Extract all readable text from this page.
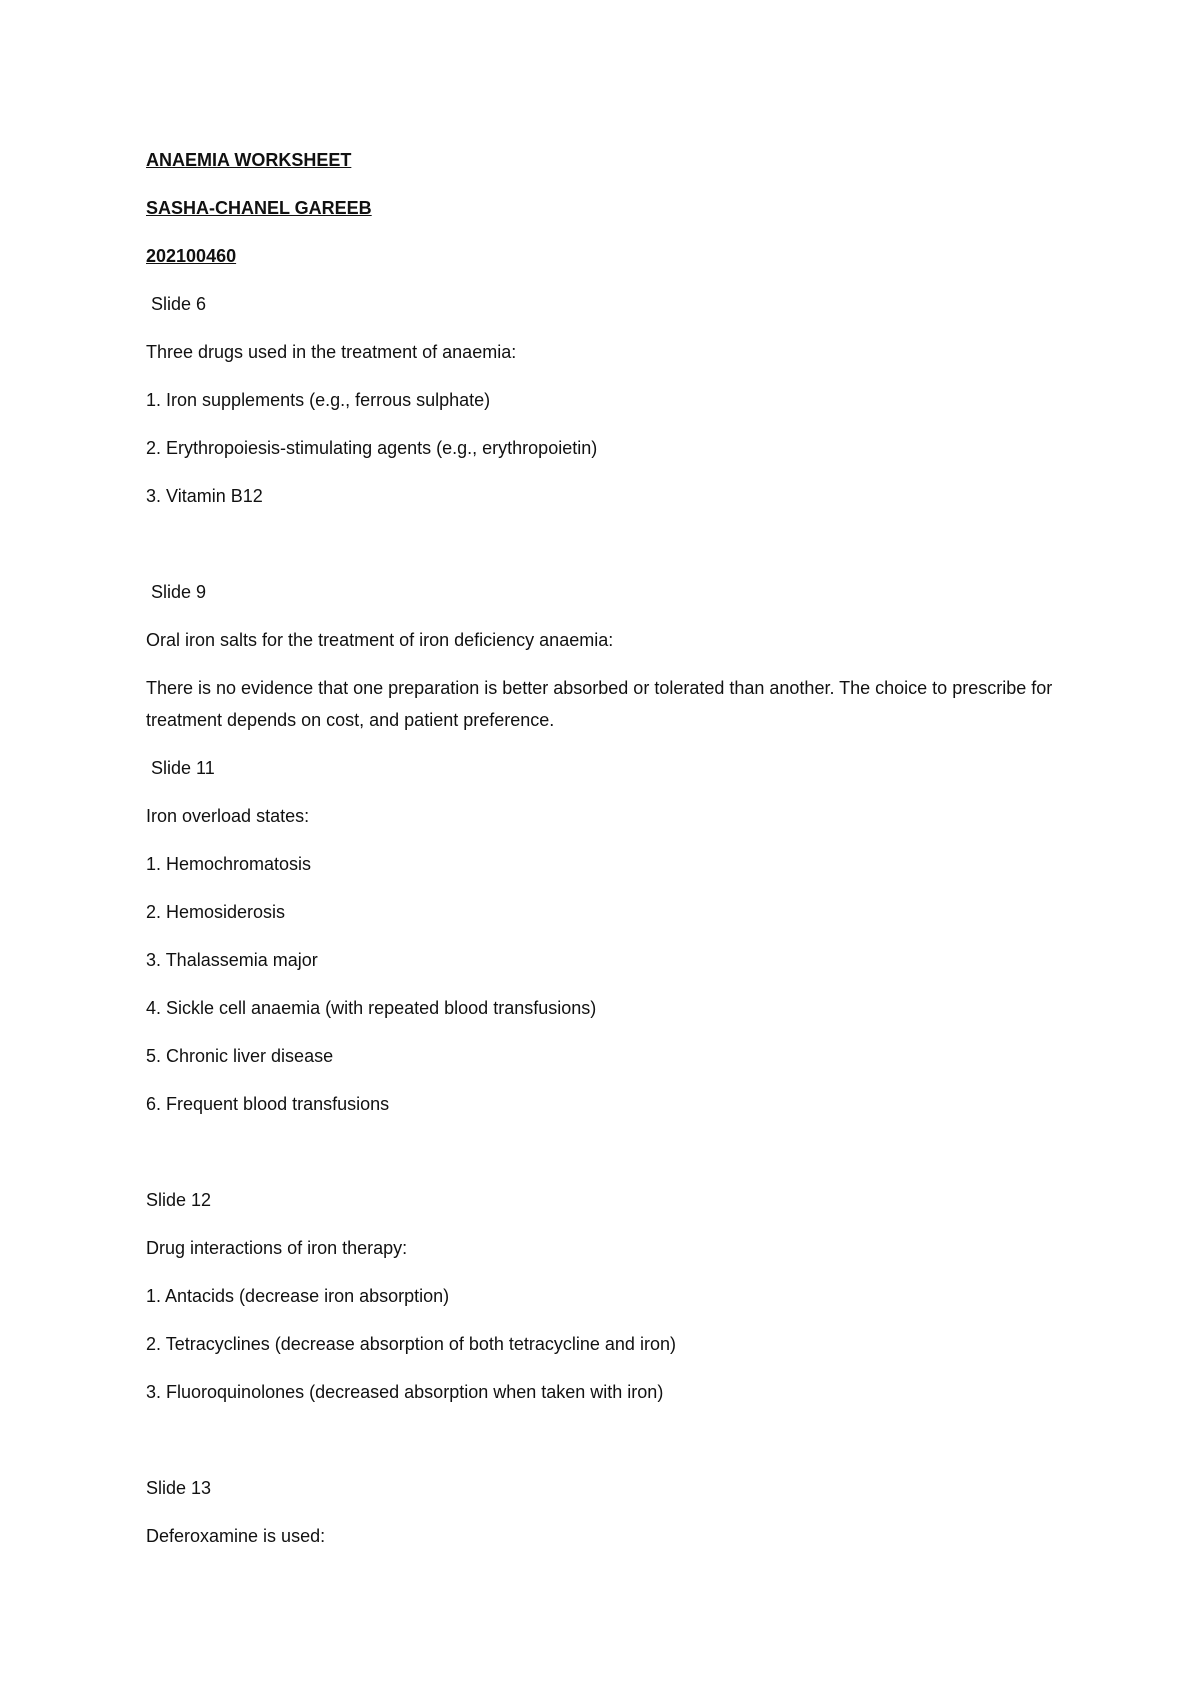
ANAEMIA WORKSHEET

SASHA-CHANEL GAREEB

202100460

Slide 6

Three drugs used in the treatment of anaemia:

1. Iron supplements (e.g., ferrous sulphate)

2. Erythropoiesis-stimulating agents (e.g., erythropoietin)

3. Vitamin B12

Slide 9

Oral iron salts for the treatment of iron deficiency anaemia:

There is no evidence that one preparation is better absorbed or tolerated than another. The choice to prescribe for treatment depends on cost, and patient preference.

Slide 11

Iron overload states:

1. Hemochromatosis

2. Hemosiderosis

3. Thalassemia major

4. Sickle cell anaemia (with repeated blood transfusions)

5. Chronic liver disease

6. Frequent blood transfusions

Slide 12

Drug interactions of iron therapy:

1. Antacids (decrease iron absorption)

2. Tetracyclines (decrease absorption of both tetracycline and iron)

3. Fluoroquinolones (decreased absorption when taken with iron)

Slide 13

Deferoxamine is used:
